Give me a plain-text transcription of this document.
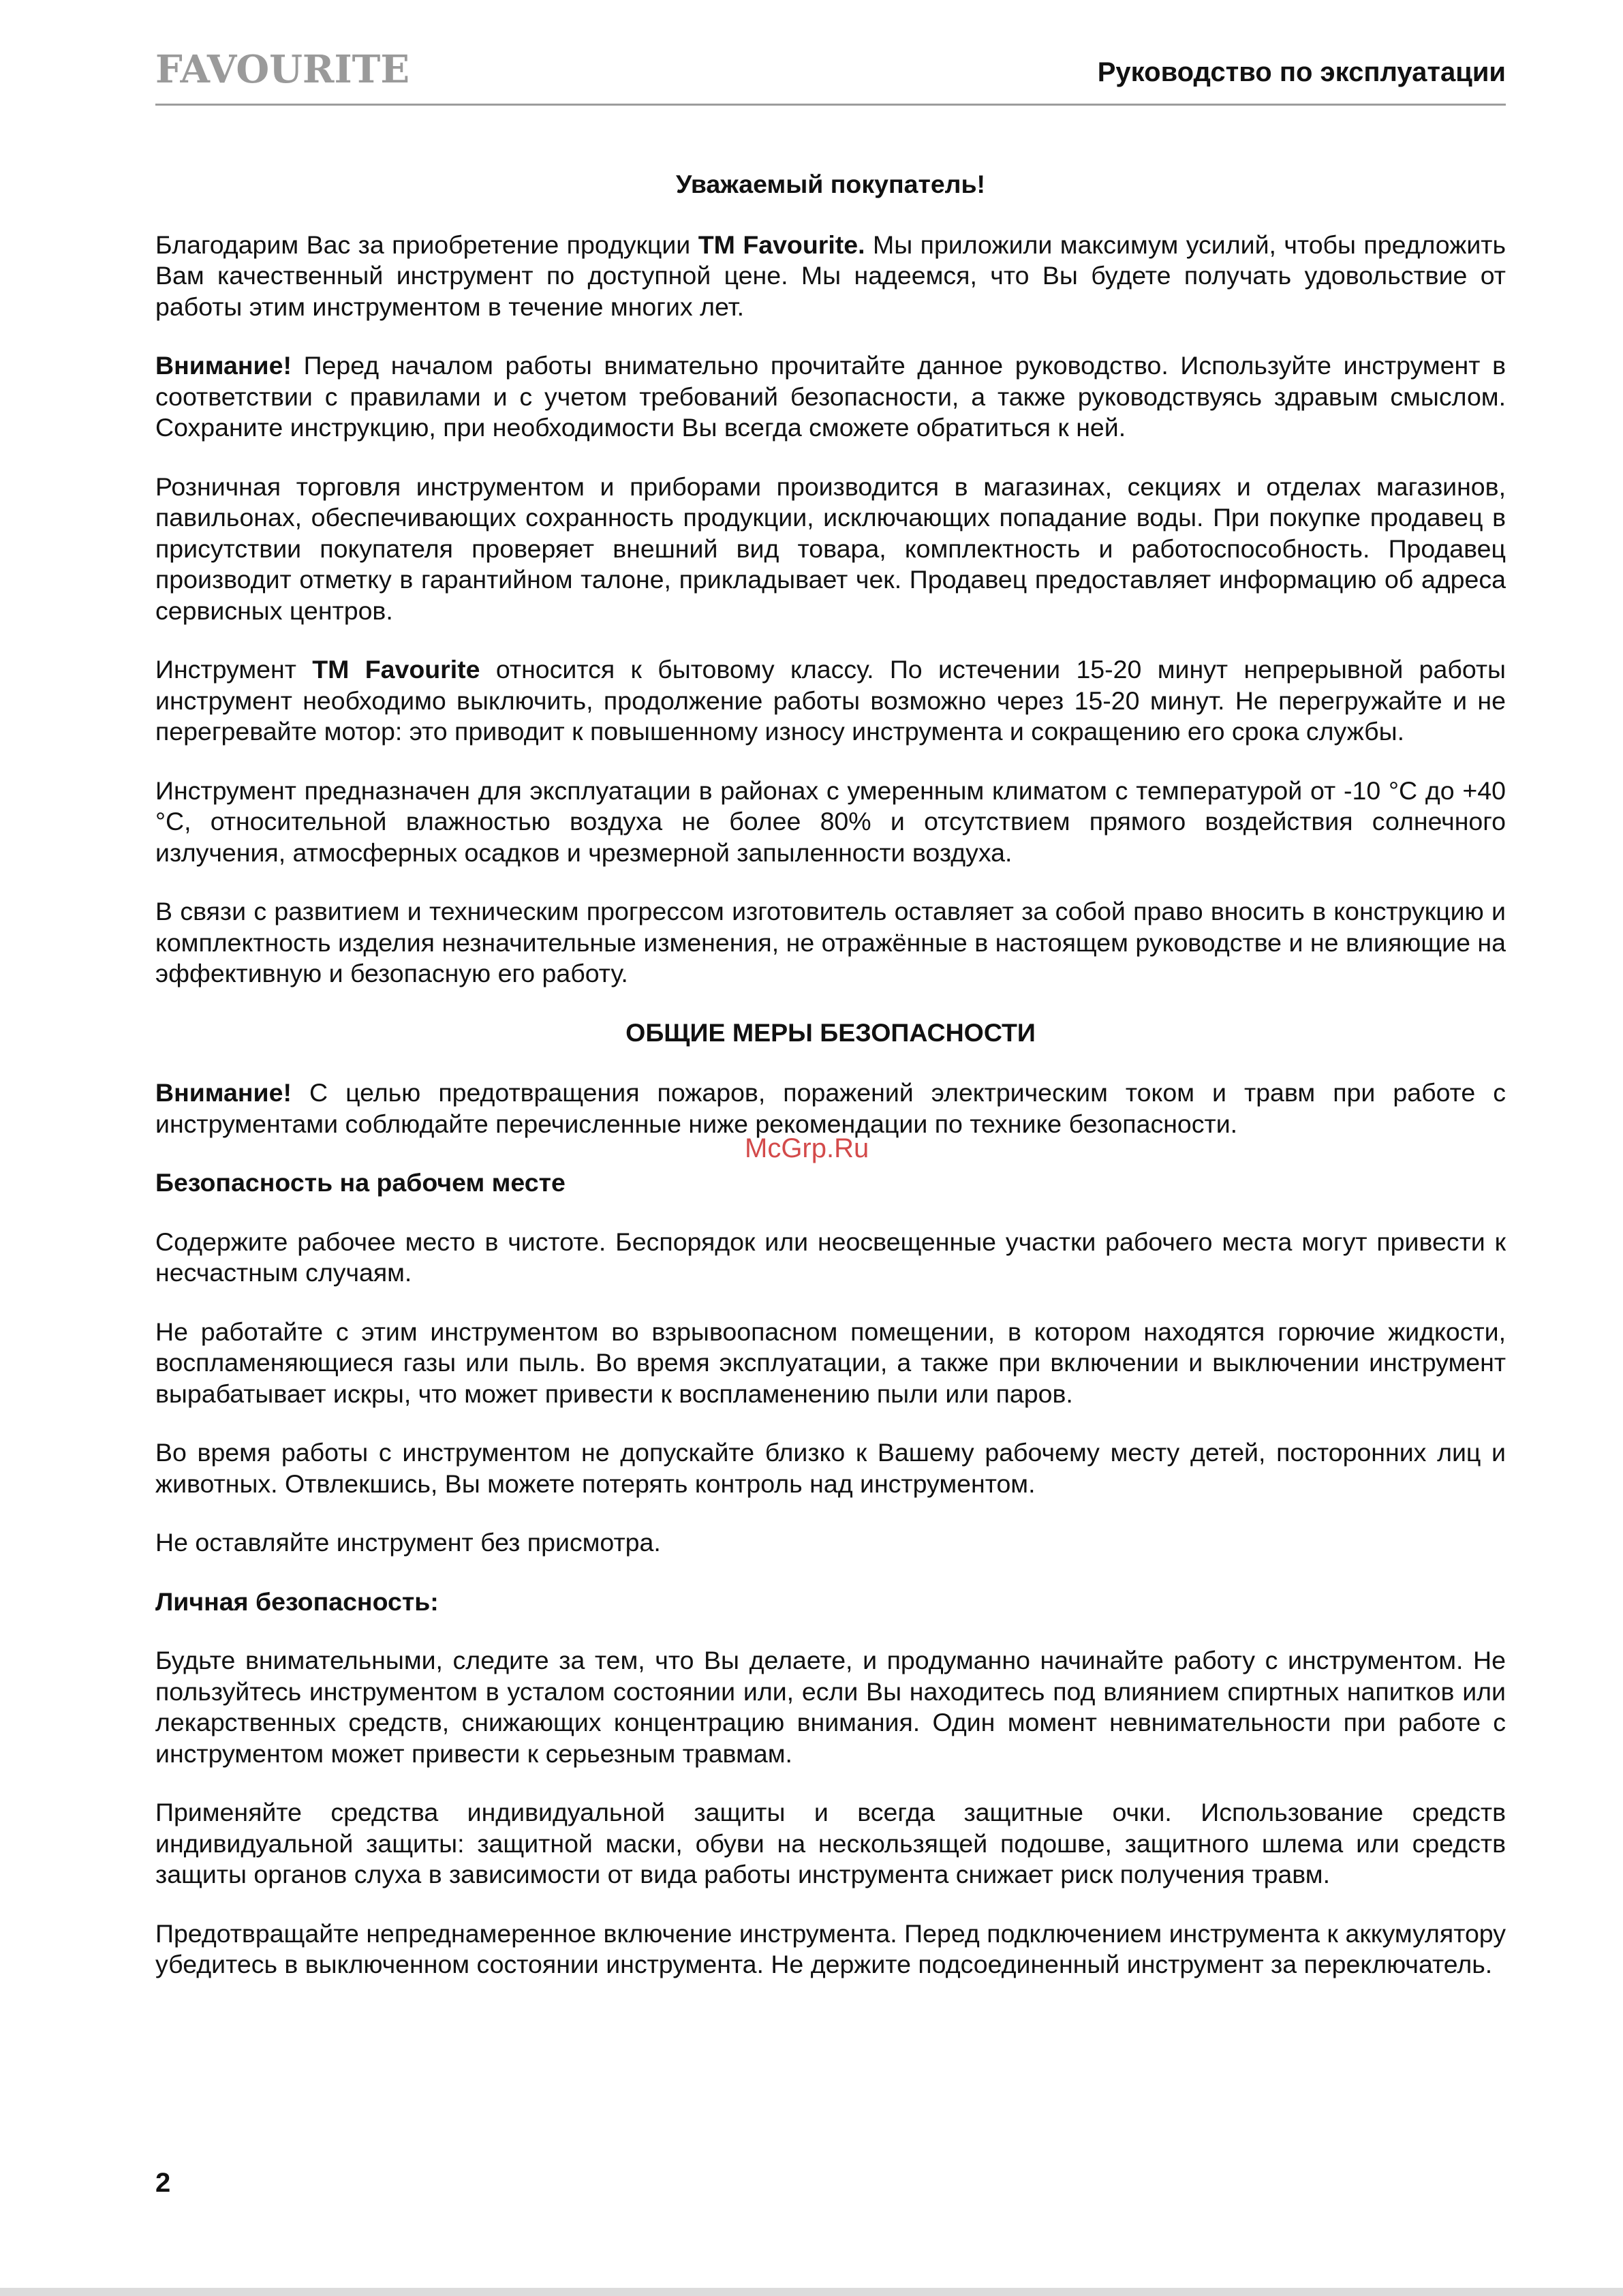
FAVOURITE	Руководство по эксплуатации
Уважаемый покупатель!

Благодарим Вас за приобретение продукции TM Favourite. Мы приложили максимум усилий, чтобы предложить Вам качественный инструмент по доступной цене. Мы надеемся, что Вы будете получать удовольствие от работы этим инструментом в течение многих лет.

Внимание! Перед началом работы внимательно прочитайте данное руководство. Используйте инструмент в соответствии с правилами и с учетом требований безопасности, а также руководствуясь здравым смыслом. Сохраните инструкцию, при необходимости Вы всегда сможете обратиться к ней.

Розничная торговля инструментом и приборами производится в магазинах, секциях и отделах магазинов, павильонах, обеспечивающих сохранность продукции, исключающих попадание воды. При покупке продавец в присутствии покупателя проверяет внешний вид товара, комплектность и работоспособность. Продавец производит отметку в гарантийном талоне, прикладывает чек. Продавец предоставляет информацию об адреса сервисных центров.

Инструмент TM Favourite относится к бытовому классу. По истечении 15-20 минут непрерывной работы инструмент необходимо выключить, продолжение работы возможно через 15-20 минут. Не перегружайте и не перегревайте мотор: это приводит к повышенному износу инструмента и сокращению его срока службы.

Инструмент предназначен для эксплуатации в районах с умеренным климатом с температурой от -10 °С до +40 °С, относительной влажностью воздуха не более 80% и отсутствием прямого воздействия солнечного излучения, атмосферных осадков и чрезмерной запыленности воздуха.

В связи с развитием и техническим прогрессом изготовитель оставляет за собой право вносить в конструкцию и комплектность изделия незначительные изменения, не отражённые в настоящем руководстве и не влияющие на эффективную и безопасную его работу.

ОБЩИЕ МЕРЫ БЕЗОПАСНОСТИ

Внимание! С целью предотвращения пожаров, поражений электрическим током и травм при работе с инструментами соблюдайте перечисленные ниже рекомендации по технике безопасности.

Безопасность на рабочем месте

Содержите рабочее место в чистоте. Беспорядок или неосвещенные участки рабочего места могут привести к несчастным случаям.

Не работайте с этим инструментом во взрывоопасном помещении, в котором находятся горючие жидкости, воспламеняющиеся газы или пыль. Во время эксплуатации, а также при включении и выключении инструмент вырабатывает искры, что может привести к воспламенению пыли или паров.

Во время работы с инструментом не допускайте близко к Вашему рабочему месту детей, посторонних лиц и животных. Отвлекшись, Вы можете потерять контроль над инструментом.

Не оставляйте инструмент без присмотра.

Личная безопасность:

Будьте внимательными, следите за тем, что Вы делаете, и продуманно начинайте работу с инструментом. Не пользуйтесь инструментом в усталом состоянии или, если Вы находитесь под влиянием спиртных напитков или лекарственных средств, снижающих концентрацию внимания. Один момент невнимательности при работе с инструментом может привести к серьезным травмам.

Применяйте средства индивидуальной защиты и всегда защитные очки. Использование средств индивидуальной защиты: защитной маски, обуви на нескользящей подошве, защитного шлема или средств защиты органов слуха в зависимости от вида работы инструмента снижает риск получения травм.

Предотвращайте непреднамеренное включение инструмента. Перед подключением инструмента к аккумулятору убедитесь в выключенном состоянии инструмента. Не держите подсоединенный инструмент за переключатель.

McGrp.Ru
2
